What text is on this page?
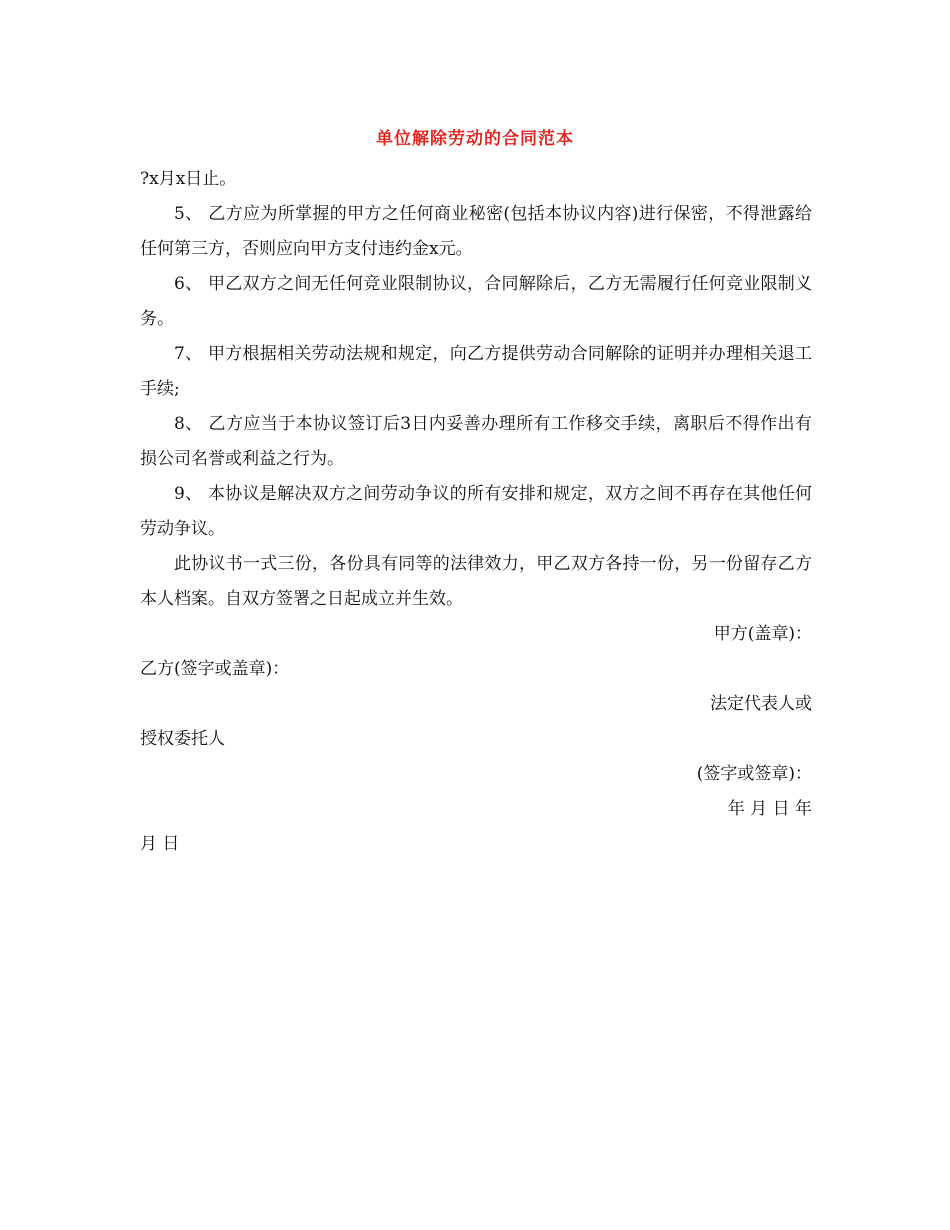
单位解除劳动的合同范本

?x月x日止。

5、 乙方应为所掌握的甲方之任何商业秘密(包括本协议内容)进行保密，不得泄露给任何第三方，否则应向甲方支付违约金x元。

6、 甲乙双方之间无任何竞业限制协议，合同解除后，乙方无需履行任何竞业限制义务。

7、 甲方根据相关劳动法规和规定，向乙方提供劳动合同解除的证明并办理相关退工手续;

8、 乙方应当于本协议签订后3日内妥善办理所有工作移交手续，离职后不得作出有损公司名誉或利益之行为。

9、 本协议是解决双方之间劳动争议的所有安排和规定，双方之间不再存在其他任何劳动争议。

此协议书一式三份，各份具有同等的法律效力，甲乙双方各持一份，另一份留存乙方本人档案。自双方签署之日起成立并生效。

甲方(盖章)：
乙方(签字或盖章)：
法定代表人或
授权委托人
(签字或签章)：
年 月 日 年
月 日
